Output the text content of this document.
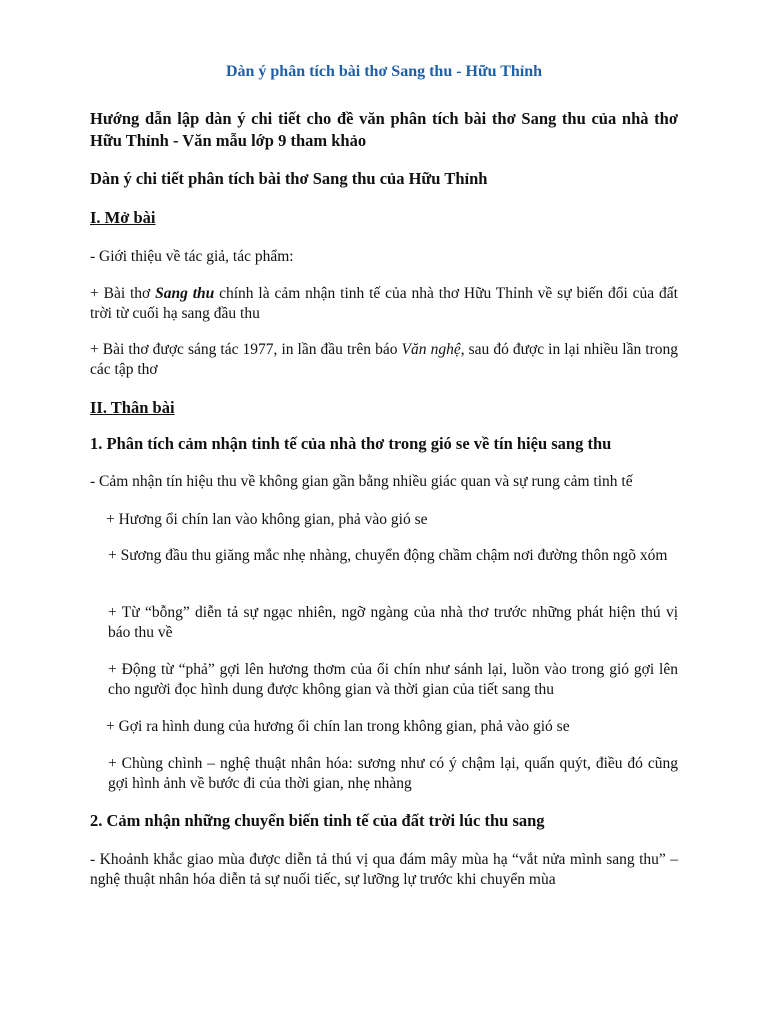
Dàn ý phân tích bài thơ Sang thu - Hữu Thỉnh

Hướng dẫn lập dàn ý chi tiết cho đề văn phân tích bài thơ Sang thu của nhà thơ Hữu Thỉnh - Văn mẫu lớp 9 tham khảo

Dàn ý chi tiết phân tích bài thơ Sang thu của Hữu Thỉnh

I. Mở bài

- Giới thiệu về tác giả, tác phẩm:

+ Bài thơ Sang thu chính là cảm nhận tinh tế của nhà thơ Hữu Thỉnh về sự biến đổi của đất trời từ cuối hạ sang đầu thu

+ Bài thơ được sáng tác 1977, in lần đầu trên báo Văn nghệ, sau đó được in lại nhiều lần trong các tập thơ

II. Thân bài

1. Phân tích cảm nhận tinh tế của nhà thơ trong gió se về tín hiệu sang thu

- Cảm nhận tín hiệu thu về không gian gần bằng nhiều giác quan và sự rung cảm tinh tế

+ Hương ổi chín lan vào không gian, phả vào gió se

+ Sương đầu thu giăng mắc nhẹ nhàng, chuyển động chầm chậm nơi đường thôn ngõ xóm

+ Từ “bỗng” diễn tả sự ngạc nhiên, ngỡ ngàng của nhà thơ trước những phát hiện thú vị báo thu về

+ Động từ “phả” gợi lên hương thơm của ổi chín như sánh lại, luồn vào trong gió gợi lên cho người đọc hình dung được không gian và thời gian của tiết sang thu

+ Gợi ra hình dung của hương ổi chín lan trong không gian, phả vào gió se

+ Chùng chình – nghệ thuật nhân hóa: sương như có ý chậm lại, quấn quýt, điều đó cũng gợi hình ảnh về bước đi của thời gian, nhẹ nhàng

2. Cảm nhận những chuyển biến tinh tế của đất trời lúc thu sang

- Khoảnh khắc giao mùa được diễn tả thú vị qua đám mây mùa hạ “vắt nửa mình sang thu” – nghệ thuật nhân hóa diễn tả sự nuối tiếc, sự lưỡng lự trước khi chuyển mùa
